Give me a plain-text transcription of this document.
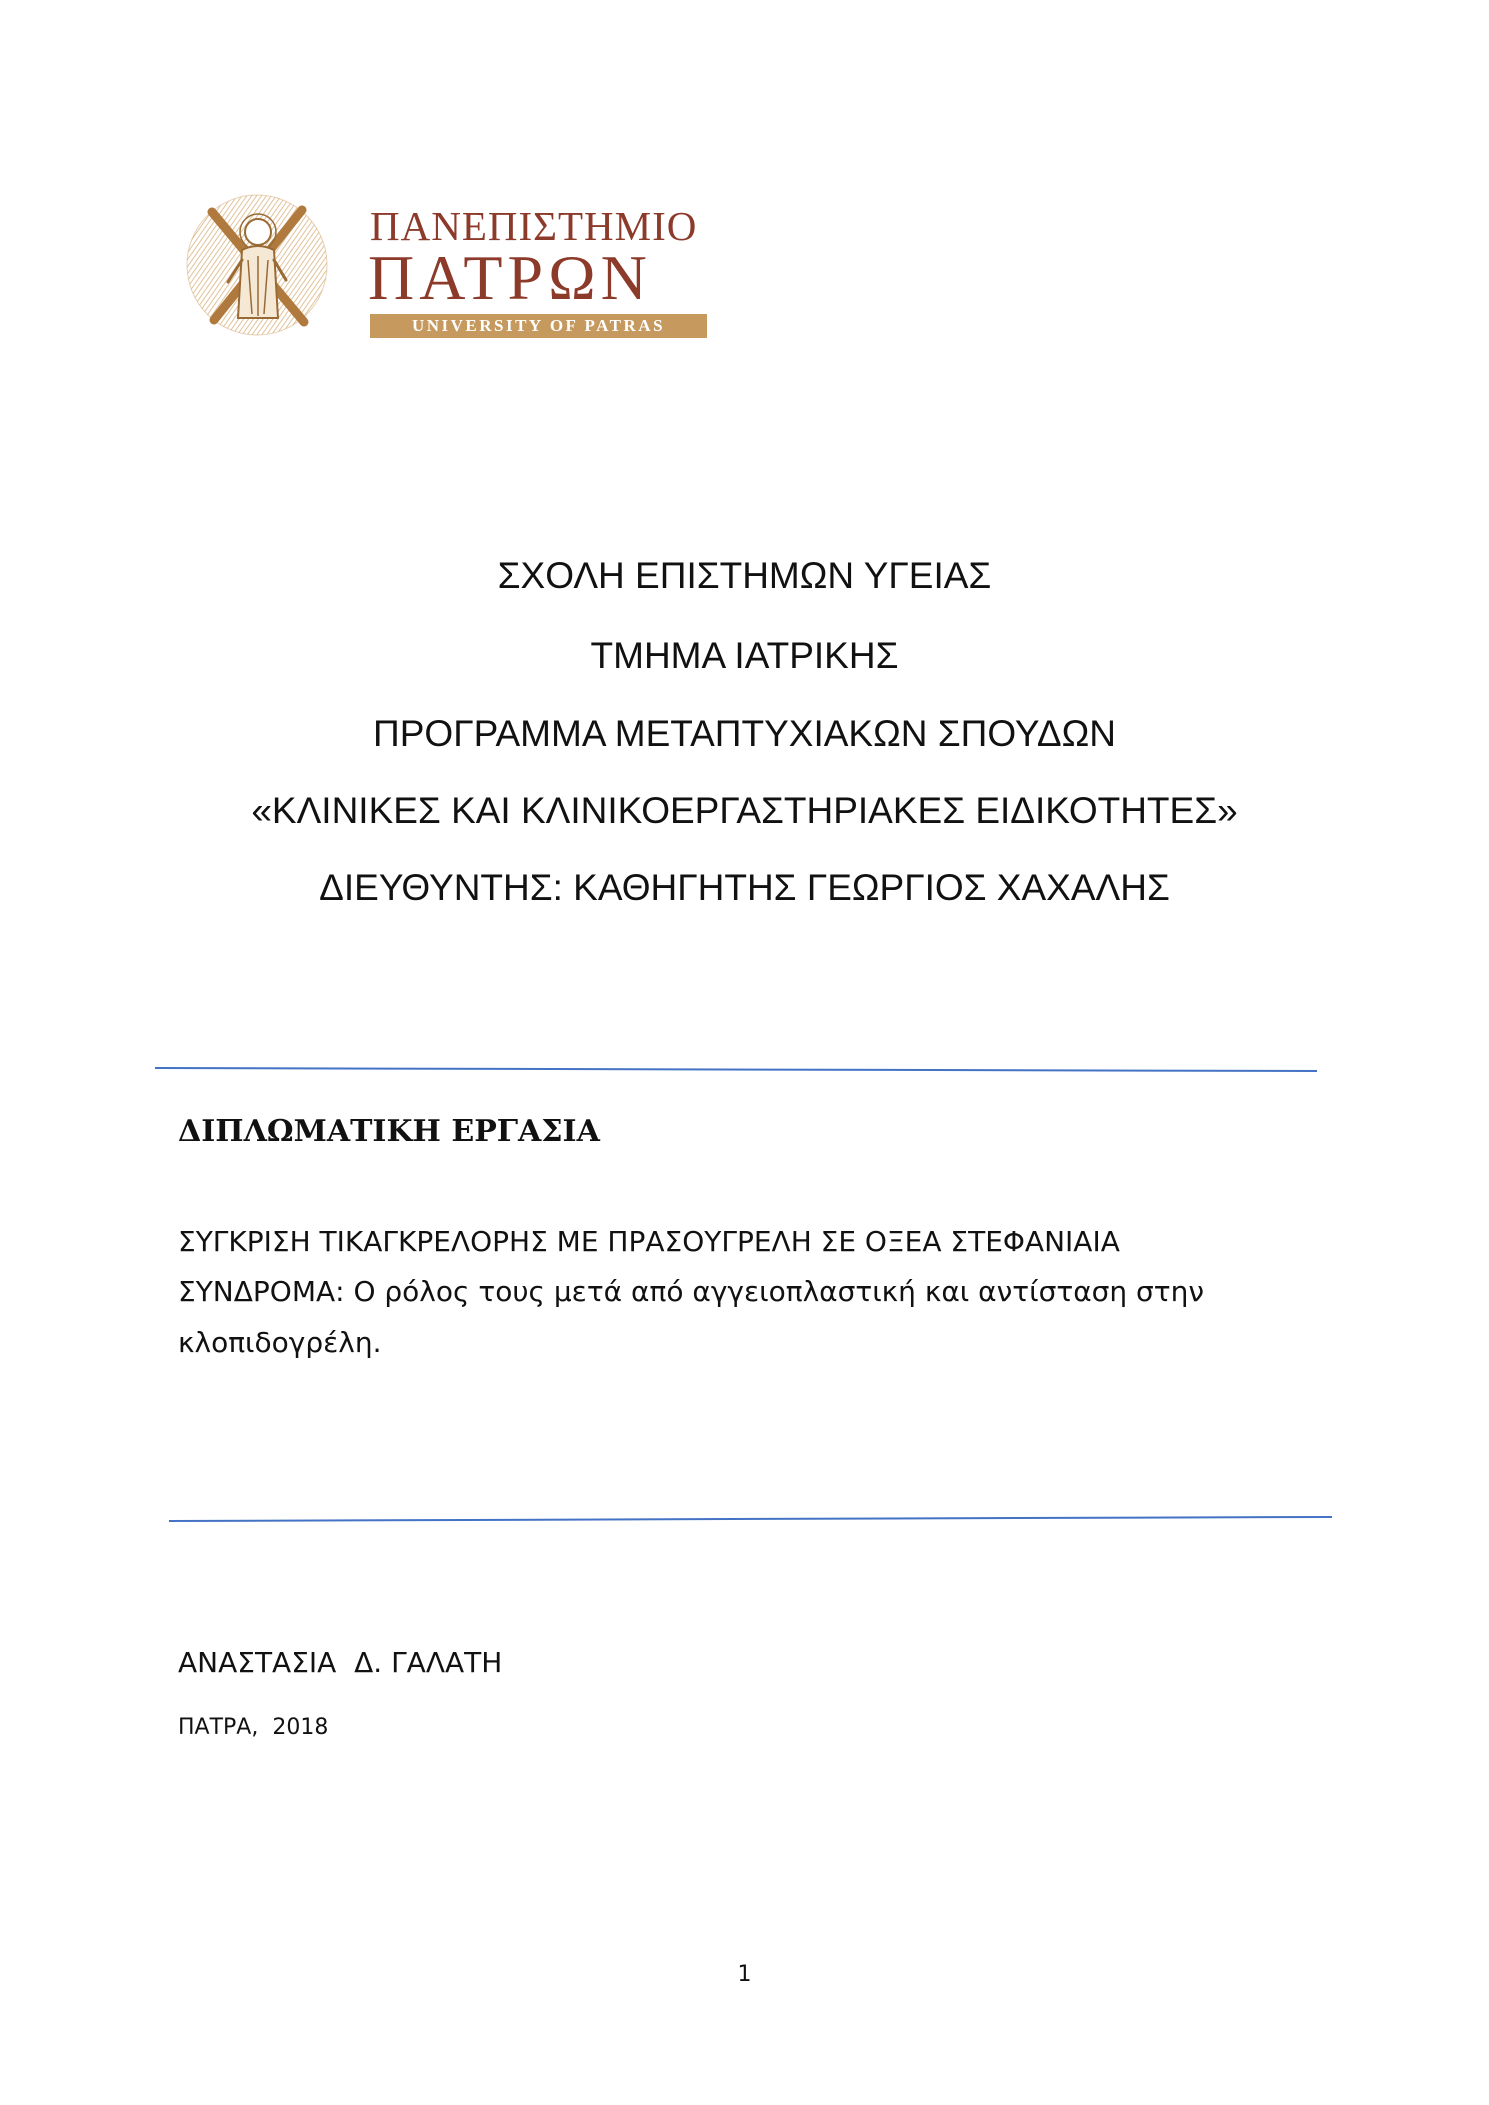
ΠΑΝΕΠΙΣΤΗΜΙΟ
ΠΑΤΡΩΝ
UNIVERSITY OF PATRAS
ΣΧΟΛΗ ΕΠΙΣΤΗΜΩΝ ΥΓΕΙΑΣ
ΤΜΗΜΑ ΙΑΤΡΙΚΗΣ
ΠΡΟΓΡΑΜΜΑ ΜΕΤΑΠΤΥΧΙΑΚΩΝ ΣΠΟΥΔΩΝ
«ΚΛΙΝΙΚΕΣ ΚΑΙ ΚΛΙΝΙΚΟΕΡΓΑΣΤΗΡΙΑΚΕΣ ΕΙΔΙΚΟΤΗΤΕΣ»
ΔΙΕΥΘΥΝΤΗΣ: ΚΑΘΗΓΗΤΗΣ ΓΕΩΡΓΙΟΣ ΧΑΧΑΛΗΣ
ΔΙΠΛΩΜΑΤΙΚΗ ΕΡΓΑΣΙΑ
ΣΥΓΚΡΙΣΗ ΤΙΚΑΓΚΡΕΛΟΡΗΣ ΜΕ ΠΡΑΣΟΥΓΡΕΛΗ ΣΕ ΟΞΕΑ ΣΤΕΦΑΝΙΑΙΑ
ΣΥΝΔΡΟΜΑ: Ο ρόλος τους μετά από αγγειοπλαστική και αντίσταση στην
κλοπιδογρέλη.
ΑΝΑΣΤΑΣΙΑ  Δ. ΓΑΛΑΤΗ
ΠΑΤΡΑ,  2018
1
